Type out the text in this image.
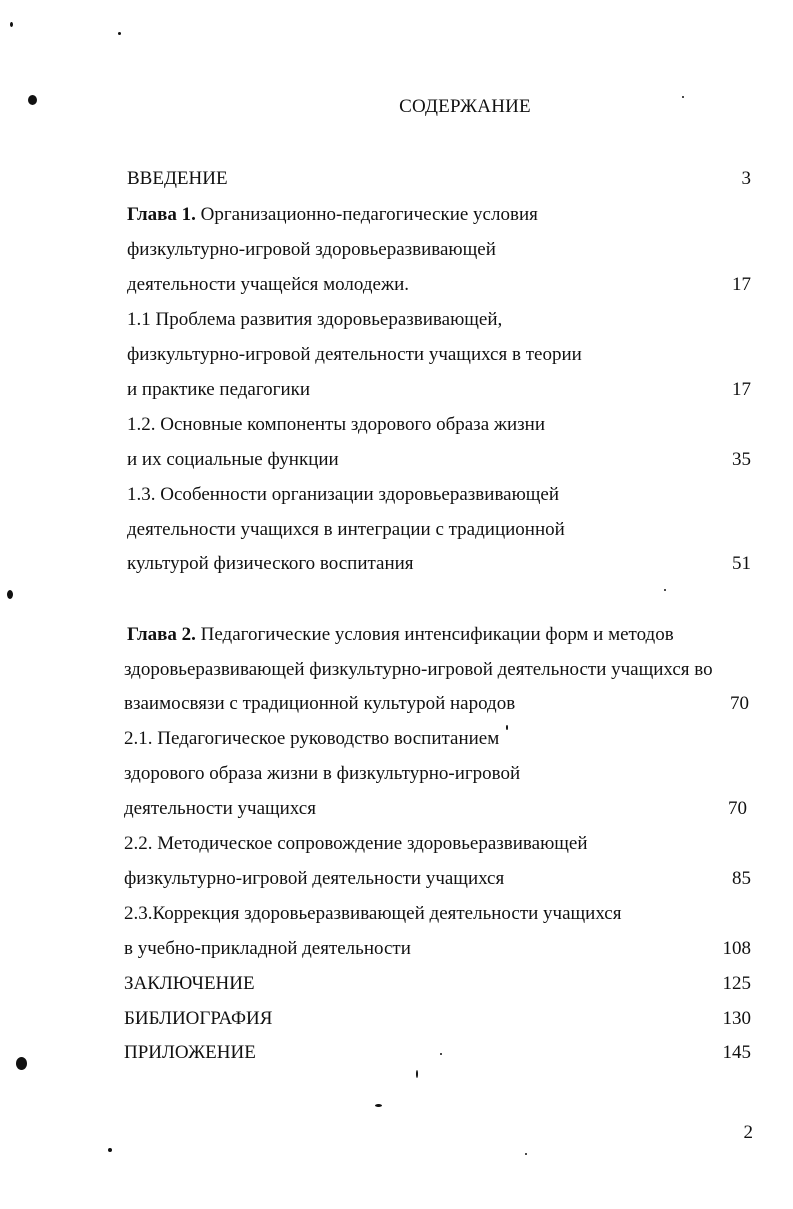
СОДЕРЖАНИЕ
ВВЕДЕНИЕ	3
Глава 1. Организационно-педагогические условия
физкультурно-игровой здоровьеразвивающей
деятельности учащейся молодежи.	17
1.1 Проблема развития здоровьеразвивающей,
физкультурно-игровой деятельности учащихся в теории
и практике педагогики	17
1.2. Основные компоненты здорового образа жизни
и их социальные функции	35
1.3. Особенности организации здоровьеразвивающей
деятельности учащихся в интеграции с традиционной
культурой физического воспитания	51
Глава 2. Педагогические условия интенсификации форм и методов
здоровьеразвивающей физкультурно-игровой деятельности учащихся во
взаимосвязи с традиционной культурой народов	70
2.1. Педагогическое руководство воспитанием
здорового образа жизни в физкультурно-игровой
деятельности учащихся	70
2.2. Методическое сопровождение здоровьеразвивающей
физкультурно-игровой деятельности учащихся	85
2.3.Коррекция здоровьеразвивающей деятельности учащихся
в учебно-прикладной деятельности	108
ЗАКЛЮЧЕНИЕ	125
БИБЛИОГРАФИЯ	130
ПРИЛОЖЕНИЕ	145
2
